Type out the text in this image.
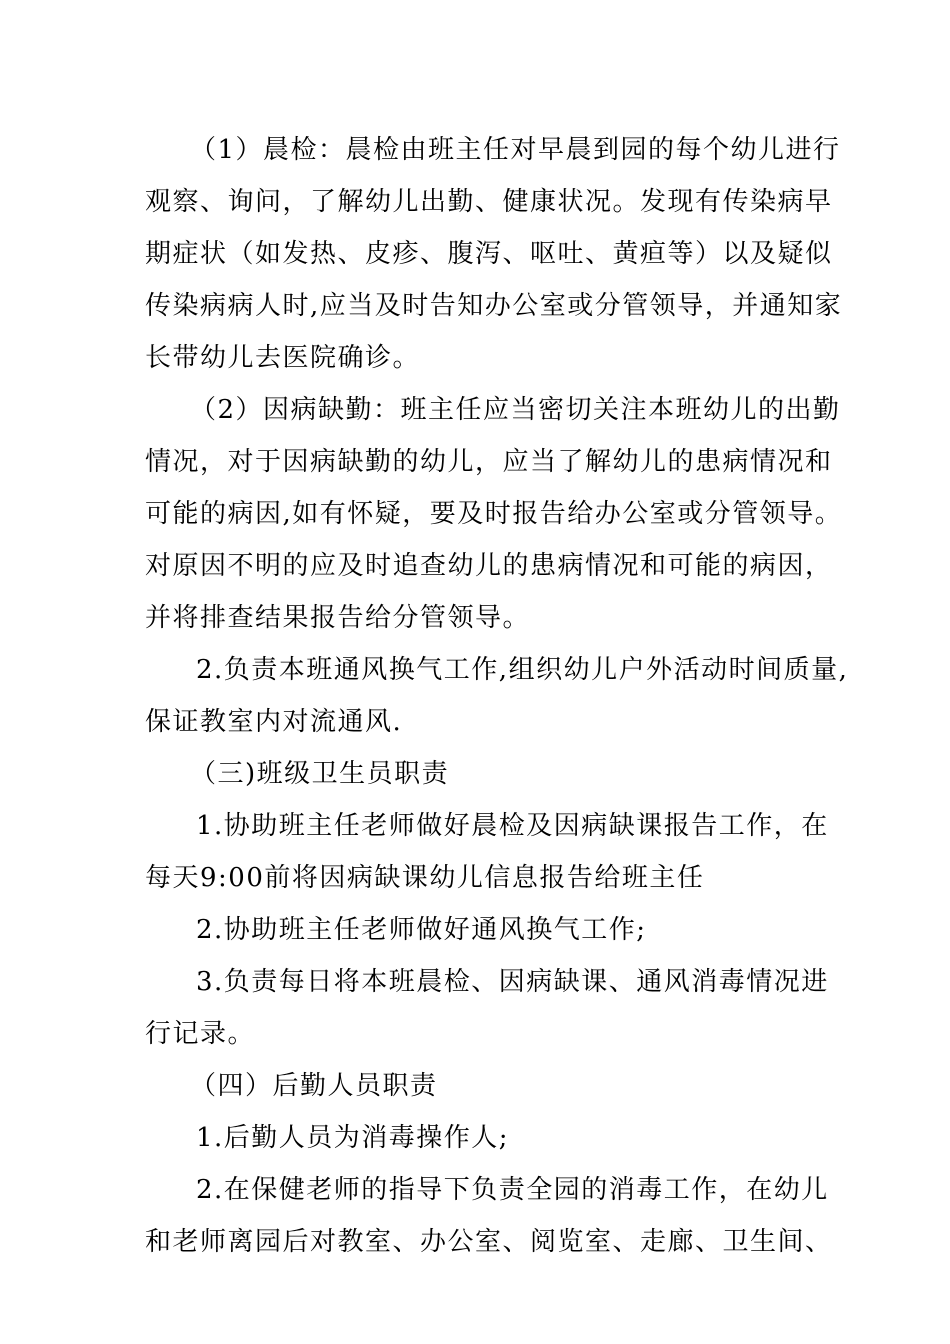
（1）晨检：晨检由班主任对早晨到园的每个幼儿进行
观察、询问，了解幼儿出勤、健康状况。发现有传染病早
期症状（如发热、皮疹、腹泻、呕吐、黄疸等）以及疑似
传染病病人时,应当及时告知办公室或分管领导，并通知家
长带幼儿去医院确诊。
（2）因病缺勤：班主任应当密切关注本班幼儿的出勤
情况，对于因病缺勤的幼儿，应当了解幼儿的患病情况和
可能的病因,如有怀疑，要及时报告给办公室或分管领导。
对原因不明的应及时追查幼儿的患病情况和可能的病因，
并将排查结果报告给分管领导。
2.负责本班通风换气工作,组织幼儿户外活动时间质量,
保证教室内对流通风.
（三)班级卫生员职责
1.协助班主任老师做好晨检及因病缺课报告工作，在
每天9:00前将因病缺课幼儿信息报告给班主任
2.协助班主任老师做好通风换气工作;
3.负责每日将本班晨检、因病缺课、通风消毒情况进
行记录。
（四）后勤人员职责
1.后勤人员为消毒操作人;
2.在保健老师的指导下负责全园的消毒工作，在幼儿
和老师离园后对教室、办公室、阅览室、走廊、卫生间、
